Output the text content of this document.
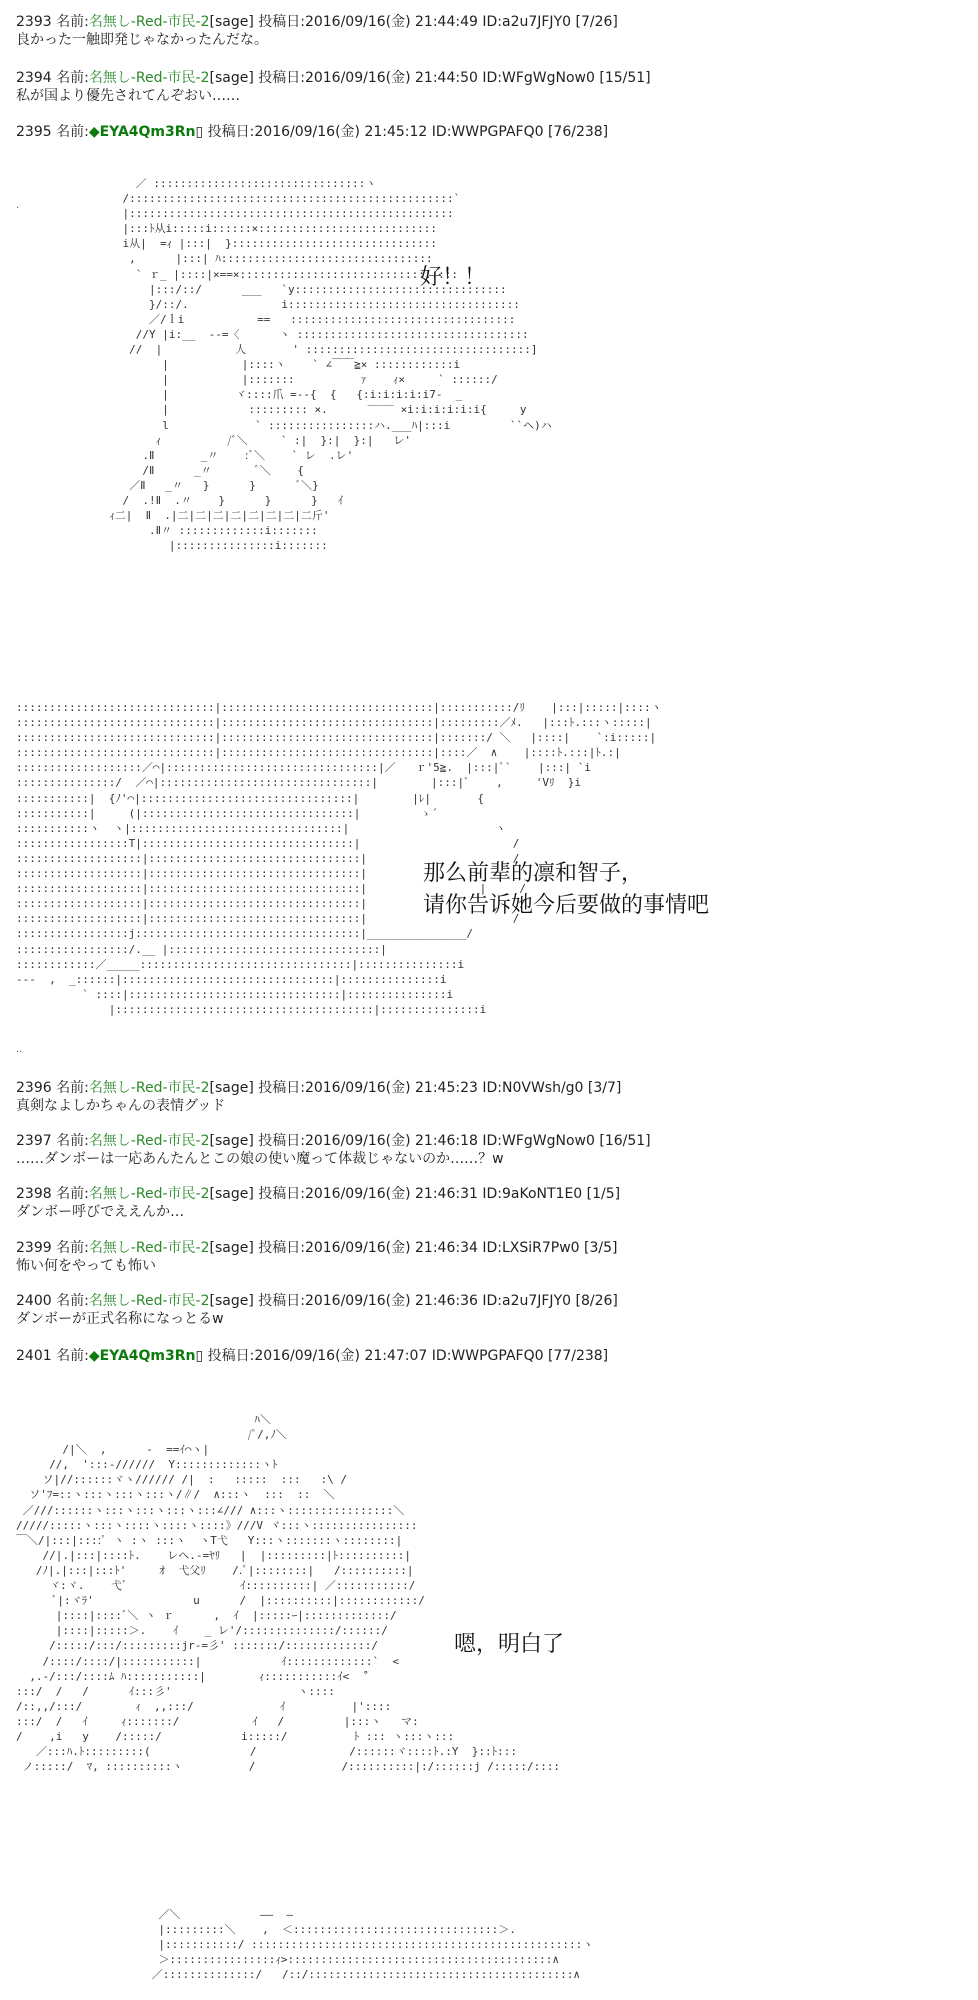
2393 名前:名無し-Red-市民-2[sage] 投稿日:2016/09/16(金) 21:44:49 ID:a2u7JFJY0 [7/26]
良かった一触即発じゃなかったんだな。
2394 名前:名無し-Red-市民-2[sage] 投稿日:2016/09/16(金) 21:44:50 ID:WFgWgNow0 [15/51]
私が国より優先されてんぞおい……
2395 名前:◆EYA4Qm3Rn▯ 投稿日:2016/09/16(金) 21:45:12 ID:WWPGPAFQ0 [76/238]
／ ::::::::::::::::::::::::::::::::ヽ
/:::::::::::::::::::::::::::::::::::::::::::::::::`
|:::::::::::::::::::::::::::::::::::::::::::::::::
|:::ﾄ从i:::::i::::::×:::::::::::::::::::::::::::
i从|  =ｨ |:::|  }:::::::::::::::::::::::::::::::
,      |:::| ﾊ::::::::::::::::::::::::::::::::
` ｒ_ |::::|×==×:::::::::::::::::::::::::::::::::
|:::/::/      ___   `y::::::::::::::::::::::::::::::::
}/::/.              i:::::::::::::::::::::::::::::::::::
／/ｌi           ==   ::::::::::::::::::::::::::::::::::
//Y |i:__  -‐=〈      ヽ :::::::::::::::::::::::::::::::::::
//  |           人       ' ::::::::::::::::::::::::::::::::::]
|           |::::ヽ    ` ∠￣￣≧× ::::::::::::i
|           |:::::::          ｧ    ｨ×     ` ::::::/
|          ヾ::::爪 =‐-{  {   {:i:i:i:i:i7‐  _
|            ::::::::: ×.      ‾‾‾‾ ×i:i:i:i:i:i{     y
l             ` ::::::::::::::::ハ.___ﾊ|:::i         ``ヘ)ハ
ｨ          /ﾞ＼     ` :|  }:|  }:|   レ'
.Ⅱ       _〃    :ﾞ＼    ` レ  .レ'
/Ⅱ      _〃       ﾞ＼    {
／Ⅱ   _〃   }      }      ﾞ＼}
/  .!Ⅱ  .〃    }      }      }   ｲ
ｨ二|  Ⅱ  .|二|二|二|二|二|二|二|二斤'
.Ⅱ〃 :::::::::::::i:::::::
|:::::::::::::::i:::::::
好！！
.
::::::::::::::::::::::::::::::|::::::::::::::::::::::::::::::::|:::::::::::/ﾘ    |:::|:::::|::::ヽ
::::::::::::::::::::::::::::::|::::::::::::::::::::::::::::::::|:::::::::／ﾒ.   |:::ﾄ.:::ヽ:::::|
::::::::::::::::::::::::::::::|::::::::::::::::::::::::::::::::|:::::::/ ＼   |::::|    `:i:::::|
::::::::::::::::::::::::::::::|::::::::::::::::::::::::::::::::|::::／  ∧    |::::ﾄ.:::|ﾄ.:|
:::::::::::::::::::／⌒|::::::::::::::::::::::::::::::::|／   ｒ'5≧.  |:::|ﾟ`    |:::| `i
:::::::::::::::/  ／⌒|::::::::::::::::::::::::::::::::|        |:::|ﾟ    ,     'Vﾘ  }i
:::::::::::|  {ﾉ'⌒|::::::::::::::::::::::::::::::::|        |ﾚ|       {
:::::::::::|     (|::::::::::::::::::::::::::::::::|         ゝ´
:::::::::::ヽ  ヽ|::::::::::::::::::::::::::::::::|                      ヽ
:::::::::::::::::T|::::::::::::::::::::::::::::::::|                       /
:::::::::::::::::::|::::::::::::::::::::::::::::::::|                      /
:::::::::::::::::::|::::::::::::::::::::::::::::::::|                ┌
:::::::::::::::::::|::::::::::::::::::::::::::::::::|                 |     /
:::::::::::::::::::|::::::::::::::::::::::::::::::::|                       /
:::::::::::::::::::|::::::::::::::::::::::::::::::::|                      /
:::::::::::::::::j::::::::::::::::::::::::::::::::::|_______________/
:::::::::::::::::/.__ |::::::::::::::::::::::::::::::::|
::::::::::::／_____::::::::::::::::::::::::::::::::|:::::::::::::::i
‐‐‐  ,  _::::::|::::::::::::::::::::::::::::::::|:::::::::::::::i
` ::::|::::::::::::::::::::::::::::::::|:::::::::::::::i
|:::::::::::::::::::::::::::::::::::::::|:::::::::::::::i
那么前辈的凛和智子，
请你告诉她今后要做的事情吧
..
2396 名前:名無し-Red-市民-2[sage] 投稿日:2016/09/16(金) 21:45:23 ID:N0VWsh/g0 [3/7]
真剣なよしかちゃんの表情グッド
2397 名前:名無し-Red-市民-2[sage] 投稿日:2016/09/16(金) 21:46:18 ID:WFgWgNow0 [16/51]
……ダンボーは一応あんたんとこの娘の使い魔って体裁じゃないのか……？w
2398 名前:名無し-Red-市民-2[sage] 投稿日:2016/09/16(金) 21:46:31 ID:9aKoNT1E0 [1/5]
ダンボー呼びでええんか…
2399 名前:名無し-Red-市民-2[sage] 投稿日:2016/09/16(金) 21:46:34 ID:LXSiR7Pw0 [3/5]
怖い何をやっても怖い
2400 名前:名無し-Red-市民-2[sage] 投稿日:2016/09/16(金) 21:46:36 ID:a2u7JFJY0 [8/26]
ダンボーが正式名称になっとるw
2401 名前:◆EYA4Qm3Rn▯ 投稿日:2016/09/16(金) 21:47:07 ID:WWPGPAFQ0 [77/238]
ﾊ＼
/ﾟ/,ﾉ＼
/|＼  ,      -  ==ｲ⌒ヽ|
//,  ':::‐//////  Y:::::::::::::ヽﾄ
ソ|//::::::ヾヽ////// /|  :   :::::  :::   :\ /
ソ'ﾌ=::ヽ:::ヽ:::ヽ:::ヽ/∥/  ∧:::ヽ  :::  ::  ＼
／///::::::ヽ:::ヽ:::ヽ:::ヽ:::∠/// ∧:::ヽ::::::::::::::::＼
/////:::::ヽ:::ヽ::::ヽ::::ヽ::::》///V ヾ:::ヽ::::::::::::::::
￣＼/|:::|::::ﾟ ヽ :ヽ :::ヽ  ヽT弋   Y:::ヽ:::::::ヽ::::::::|
//|.|:::|::::ﾄ.    レヘ.-=ﾔﾘ   |  |:::::::::|ﾄ::::::::::|
/ﾉ|.|:::|:::ﾄ'     ｵ  弋父ﾘ    /.ﾟ|::::::::|   /::::::::::|
ヾ:ヾ.    弋ﾞ                 ｲ::::::::::| ／:::::::::::/
ﾞ|:ヾﾗ'               u      /  |::::::::::|::::::::::::/
|::::|::::ﾞ＼ ヽ ｒ      ,  ｲ  |:::::ｰ|:::::::::::::/
|::::|:::::＞.    ｲ    _ レ'/::::::::::::::/::::::/
/:::::/:::/:::::::::jr-=彡' :::::::/:::::::::::::/
/::::/::::/|:::::::::::|            ｲ:::::::::::::`  <
,.-/:::/::::ﾑ ﾊ:::::::::::|        ｨ:::::::::::ｲ<  ˚
:::/  /   /      ｲ:::彡'                   ヽ::::
/::,,/:::/        ｨ  ,,:::/             ｲ          |'::::
:::/  /   ｲ     ｨ:::::::/           ｲ   /         |:::ヽ   マ:
/    ,i   y    /:::::/            i:::::/          ﾄ ::: ヽ:::ヽ:::
／:::ﾊ.ﾄ:::::::::(               /              /::::::ヾ::::ﾄ.:Y  }::ﾄ:::
ノ:::::/  ﾏ, ::::::::::ヽ          /             /::::::::::|:/::::::j /:::::/::::
嗯，明白了
／＼            ――  ―
|:::::::::＼    ,  ＜:::::::::::::::::::::::::::::::＞.
|:::::::::::/ ::::::::::::::::::::::::::::::::::::::::::::::::::ヽ
＞::::::::::::::::ｨ>::::::::::::::::::::::::::::::::::::::::∧
／::::::::::::::/   /::/::::::::::::::::::::::::::::::::::::::::∧
